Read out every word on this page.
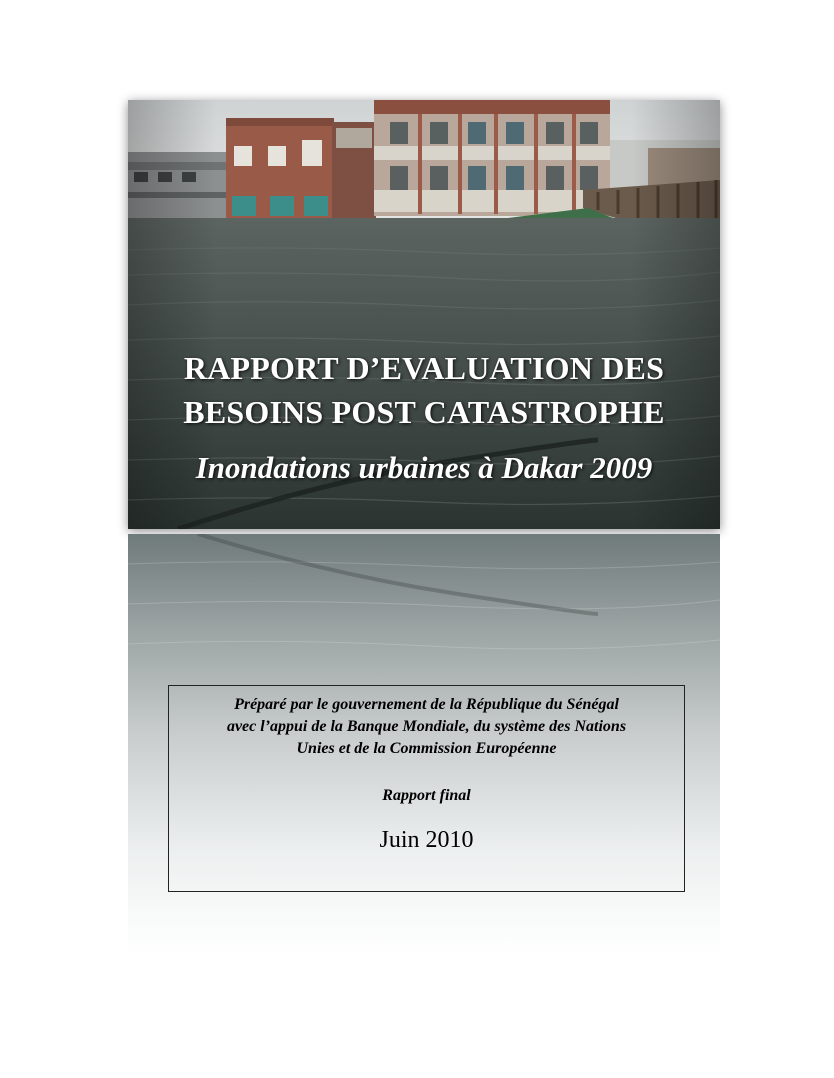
RAPPORT D’EVALUATION DES
BESOINS POST CATASTROPHE
Inondations urbaines à Dakar 2009
Préparé par le gouvernement de la République du Sénégal
avec l’appui de la Banque Mondiale, du système des Nations
Unies et de la Commission Européenne
Rapport final
Juin 2010
